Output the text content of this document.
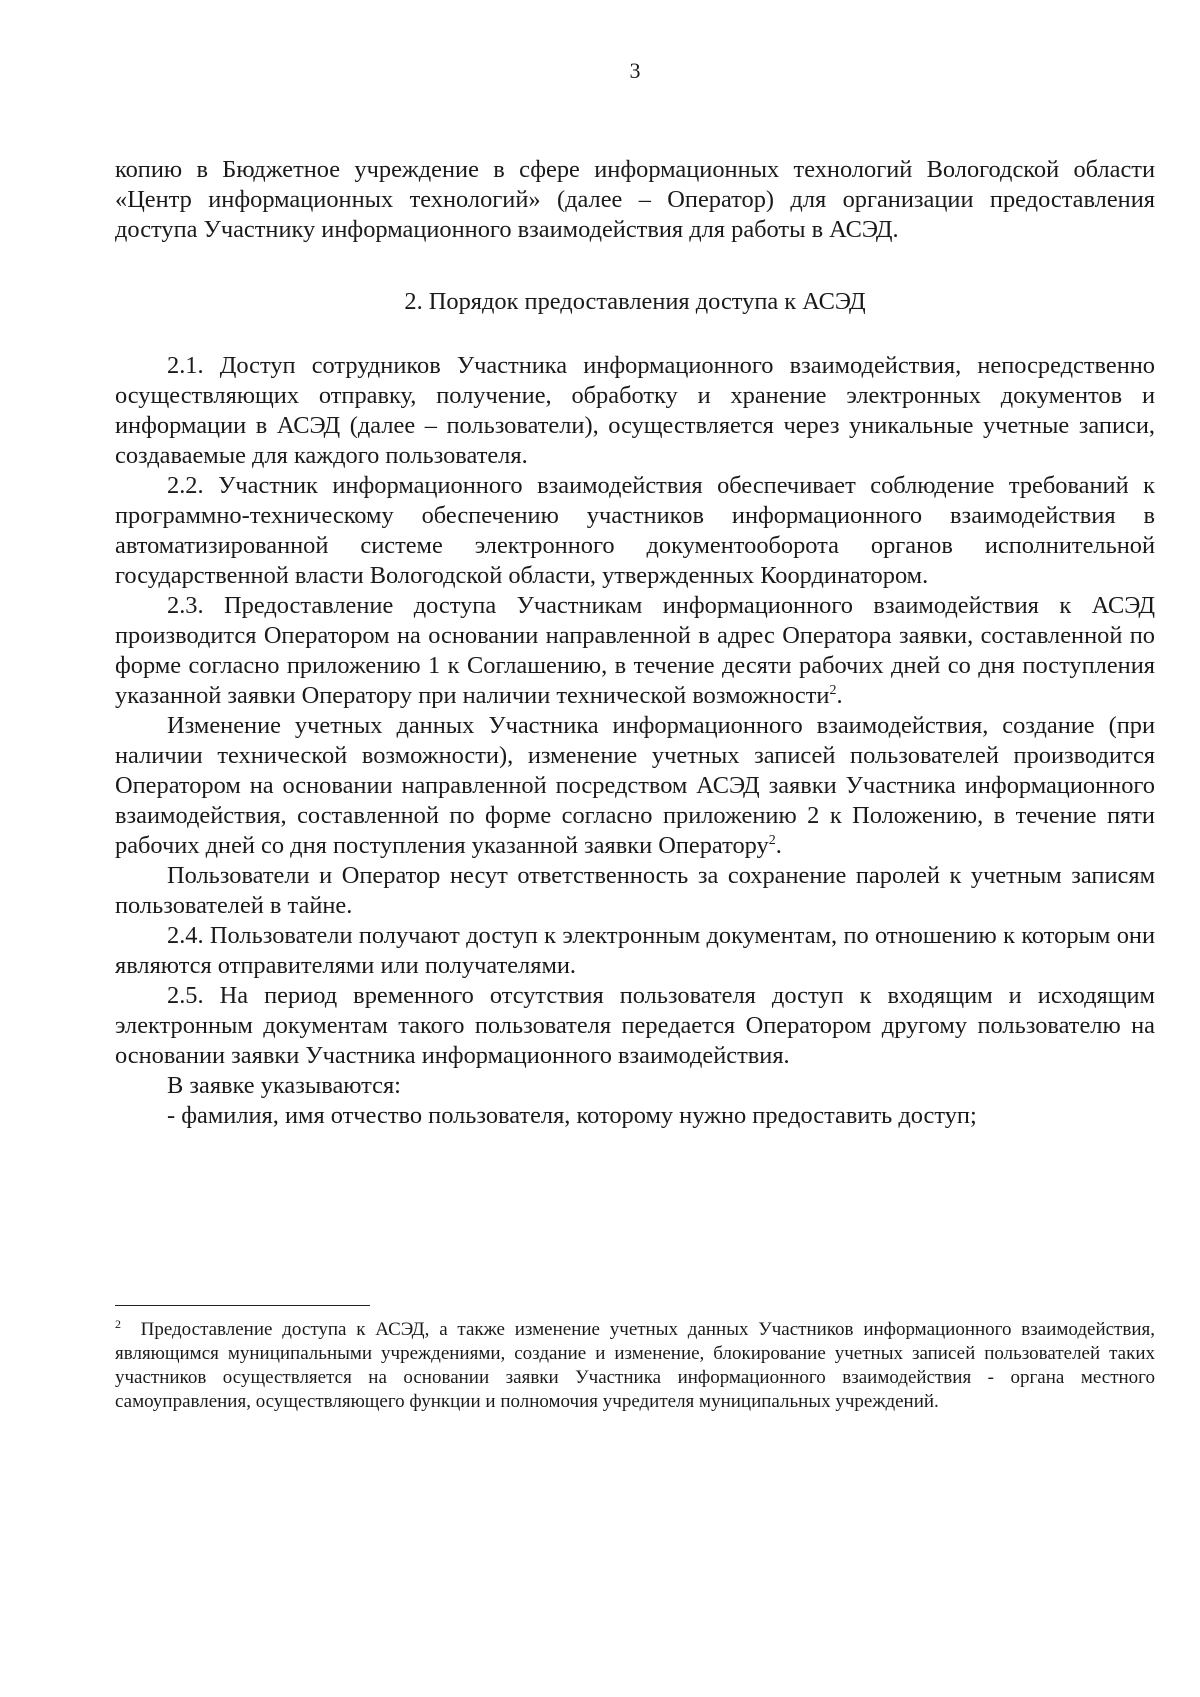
3

копию в Бюджетное учреждение в сфере информационных технологий Вологодской области «Центр информационных технологий» (далее – Оператор) для организации предоставления доступа Участнику информационного взаимодействия для работы в АСЭД.

2. Порядок предоставления доступа к АСЭД

2.1. Доступ сотрудников Участника информационного взаимодействия, непосредственно осуществляющих отправку, получение, обработку и хранение электронных документов и информации в АСЭД (далее – пользователи), осуществляется через уникальные учетные записи, создаваемые для каждого пользователя.

2.2. Участник информационного взаимодействия обеспечивает соблюдение требований к программно-техническому обеспечению участников информационного взаимодействия в автоматизированной системе электронного документооборота органов исполнительной государственной власти Вологодской области, утвержденных Координатором.

2.3. Предоставление доступа Участникам информационного взаимодействия к АСЭД производится Оператором на основании направленной в адрес Оператора заявки, составленной по форме согласно приложению 1 к Соглашению, в течение десяти рабочих дней со дня поступления указанной заявки Оператору при наличии технической возможности$^2$.

Изменение учетных данных Участника информационного взаимодействия, создание (при наличии технической возможности), изменение учетных записей пользователей производится Оператором на основании направленной посредством АСЭД заявки Участника информационного взаимодействия, составленной по форме согласно приложению 2 к Положению, в течение пяти рабочих дней со дня поступления указанной заявки Оператору$^2$.

Пользователи и Оператор несут ответственность за сохранение паролей к учетным записям пользователей в тайне.

2.4. Пользователи получают доступ к электронным документам, по отношению к которым они являются отправителями или получателями.

2.5. На период временного отсутствия пользователя доступ к входящим и исходящим электронным документам такого пользователя передается Оператором другому пользователю на основании заявки Участника информационного взаимодействия.

В заявке указываются:

- фамилия, имя отчество пользователя, которому нужно предоставить доступ;

$^2$ Предоставление доступа к АСЭД, а также изменение учетных данных Участников информационного взаимодействия, являющимся муниципальными учреждениями, создание и изменение, блокирование учетных записей пользователей таких участников осуществляется на основании заявки Участника информационного взаимодействия - органа местного самоуправления, осуществляющего функции и полномочия учредителя муниципальных учреждений.
